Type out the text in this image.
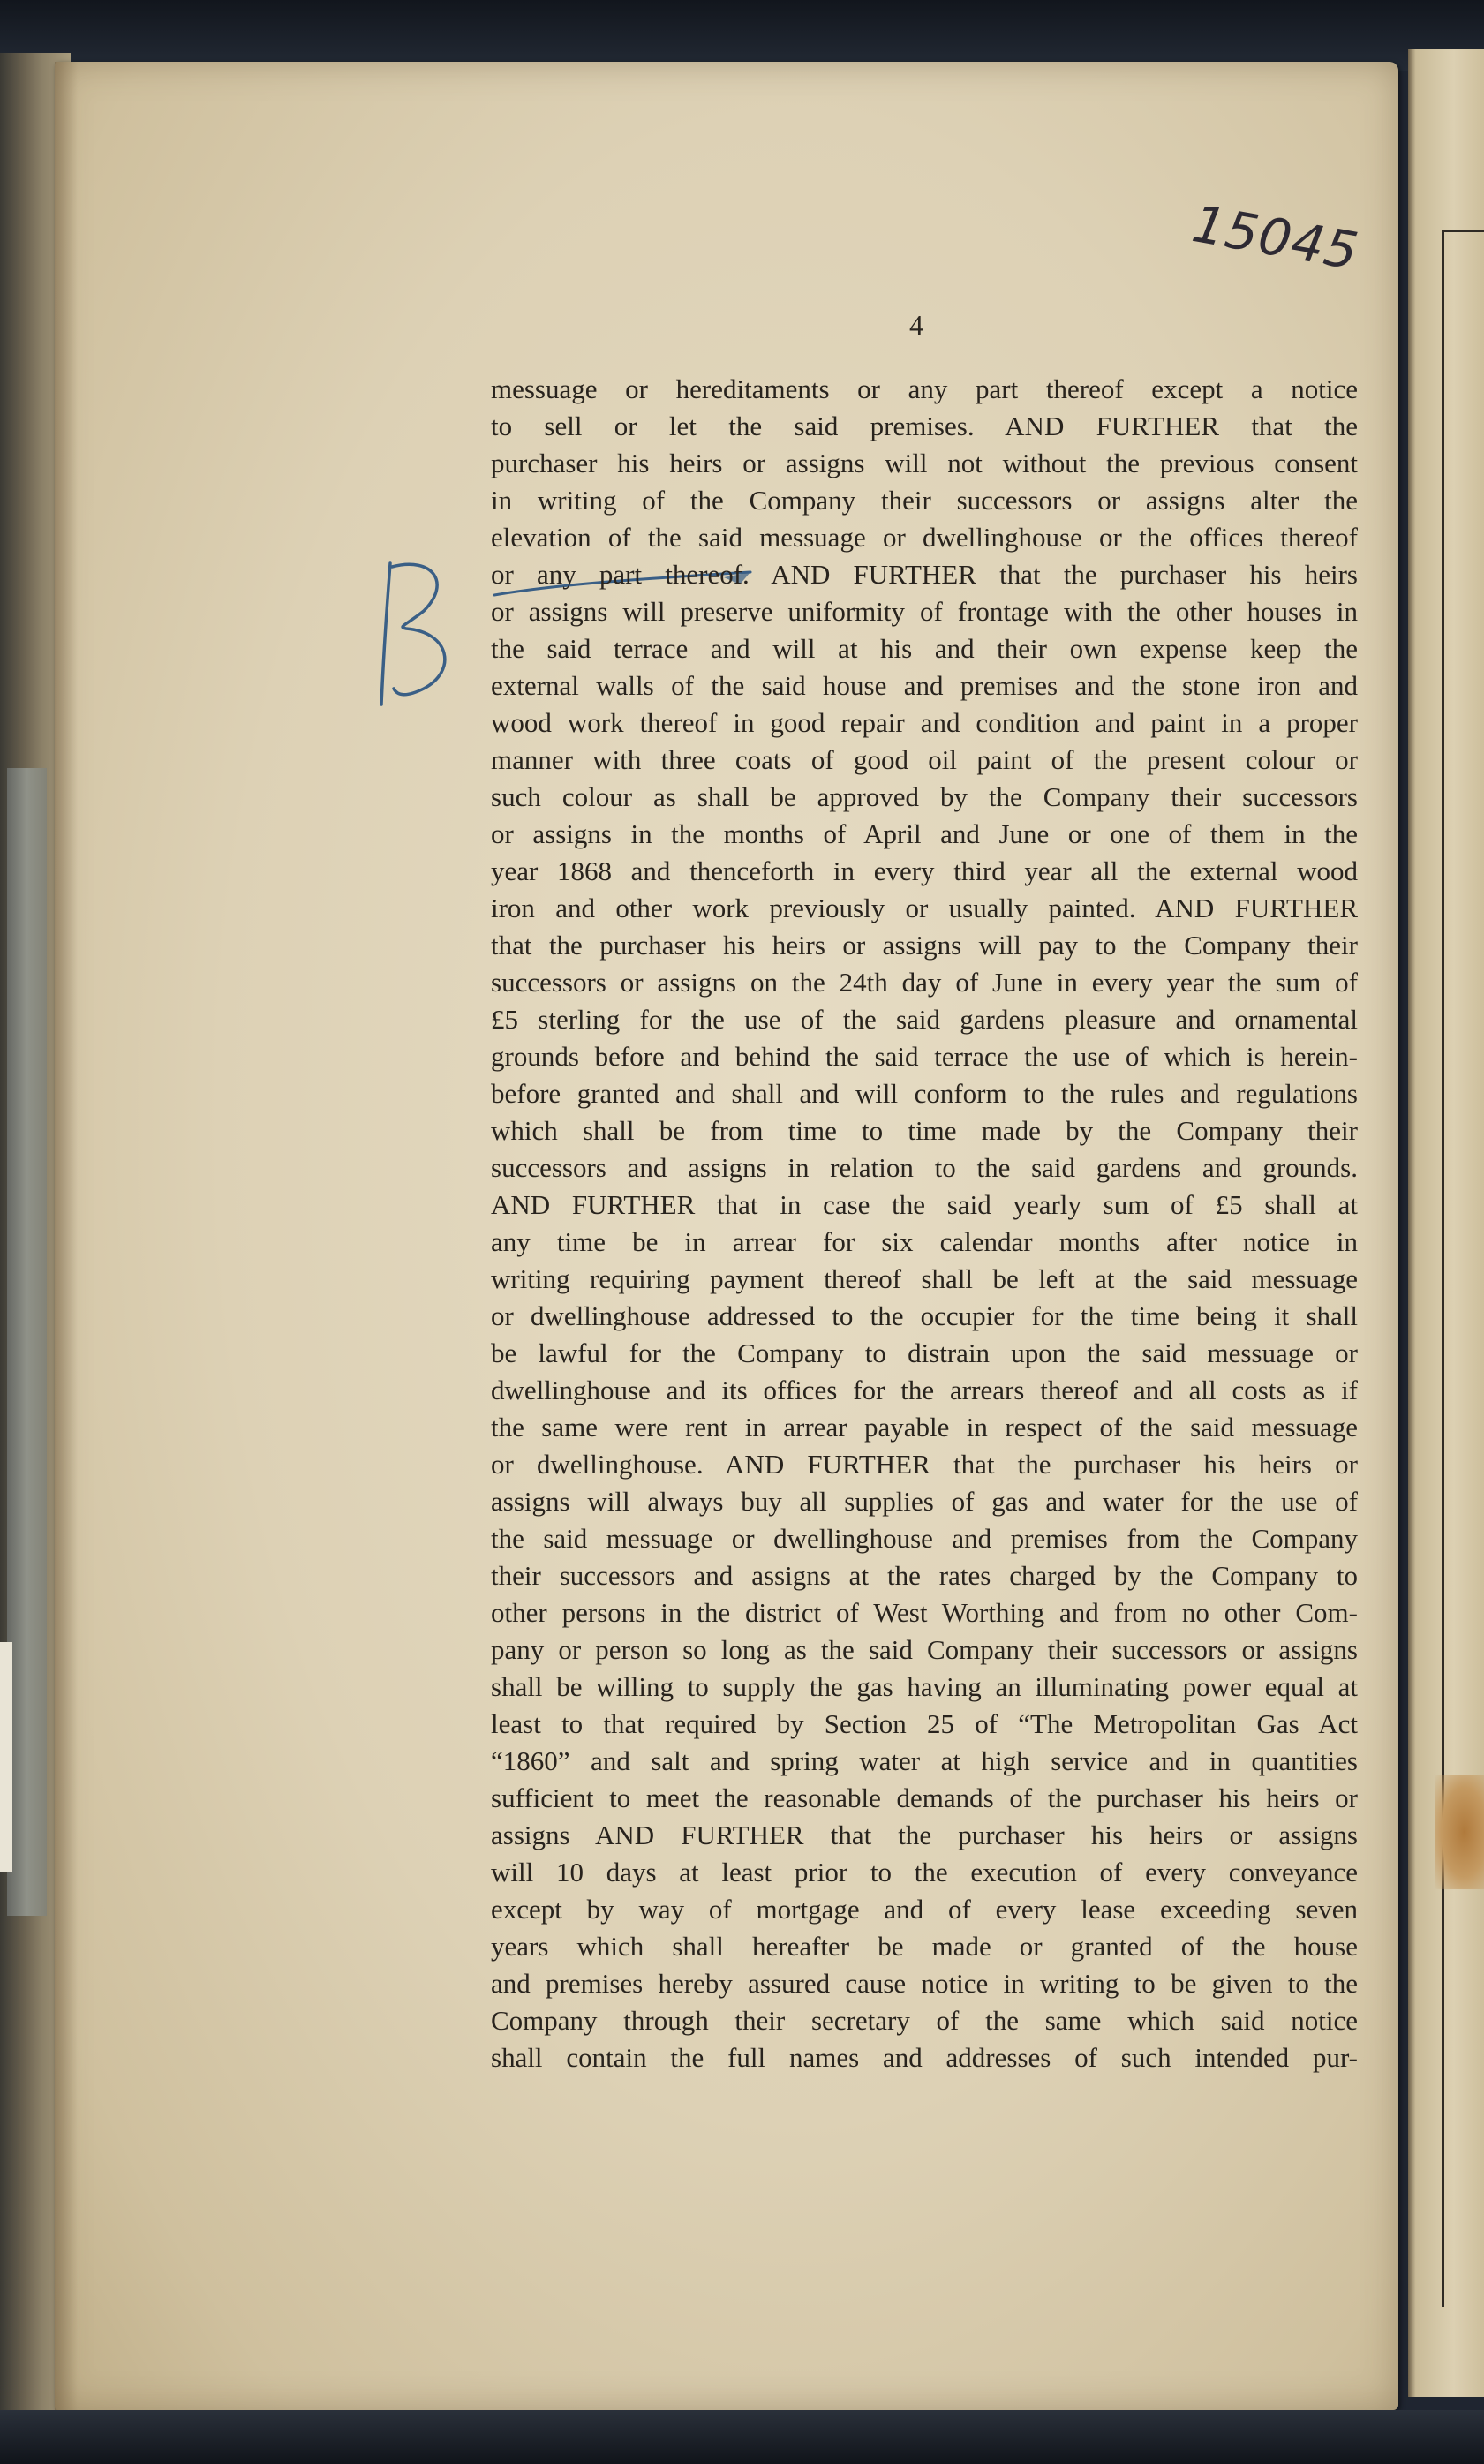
15045
4
B
messuage or hereditaments or any part thereof except a notice
to sell or let the said premises. AND FURTHER that the
purchaser his heirs or assigns will not without the previous consent
in writing of the Company their successors or assigns alter the
elevation of the said messuage or dwellinghouse or the offices thereof
or any part thereof. AND FURTHER that the purchaser his heirs
or assigns will preserve uniformity of frontage with the other houses in
the said terrace and will at his and their own expense keep the
external walls of the said house and premises and the stone iron and
wood work thereof in good repair and condition and paint in a proper
manner with three coats of good oil paint of the present colour or
such colour as shall be approved by the Company their successors
or assigns in the months of April and June or one of them in the
year 1868 and thenceforth in every third year all the external wood
iron and other work previously or usually painted. AND FURTHER
that the purchaser his heirs or assigns will pay to the Company their
successors or assigns on the 24th day of June in every year the sum of
£5 sterling for the use of the said gardens pleasure and ornamental
grounds before and behind the said terrace the use of which is herein-
before granted and shall and will conform to the rules and regulations
which shall be from time to time made by the Company their
successors and assigns in relation to the said gardens and grounds.
AND FURTHER that in case the said yearly sum of £5 shall at
any time be in arrear for six calendar months after notice in
writing requiring payment thereof shall be left at the said messuage
or dwellinghouse addressed to the occupier for the time being it shall
be lawful for the Company to distrain upon the said messuage or
dwellinghouse and its offices for the arrears thereof and all costs as if
the same were rent in arrear payable in respect of the said messuage
or dwellinghouse. AND FURTHER that the purchaser his heirs or
assigns will always buy all supplies of gas and water for the use of
the said messuage or dwellinghouse and premises from the Company
their successors and assigns at the rates charged by the Company to
other persons in the district of West Worthing and from no other Com-
pany or person so long as the said Company their successors or assigns
shall be willing to supply the gas having an illuminating power equal at
least to that required by Section 25 of “The Metropolitan Gas Act
“1860” and salt and spring water at high service and in quantities
sufficient to meet the reasonable demands of the purchaser his heirs or
assigns AND FURTHER that the purchaser his heirs or assigns
will 10 days at least prior to the execution of every conveyance
except by way of mortgage and of every lease exceeding seven
years which shall hereafter be made or granted of the house
and premises hereby assured cause notice in writing to be given to the
Company through their secretary of the same which said notice
shall contain the full names and addresses of such intended pur-
